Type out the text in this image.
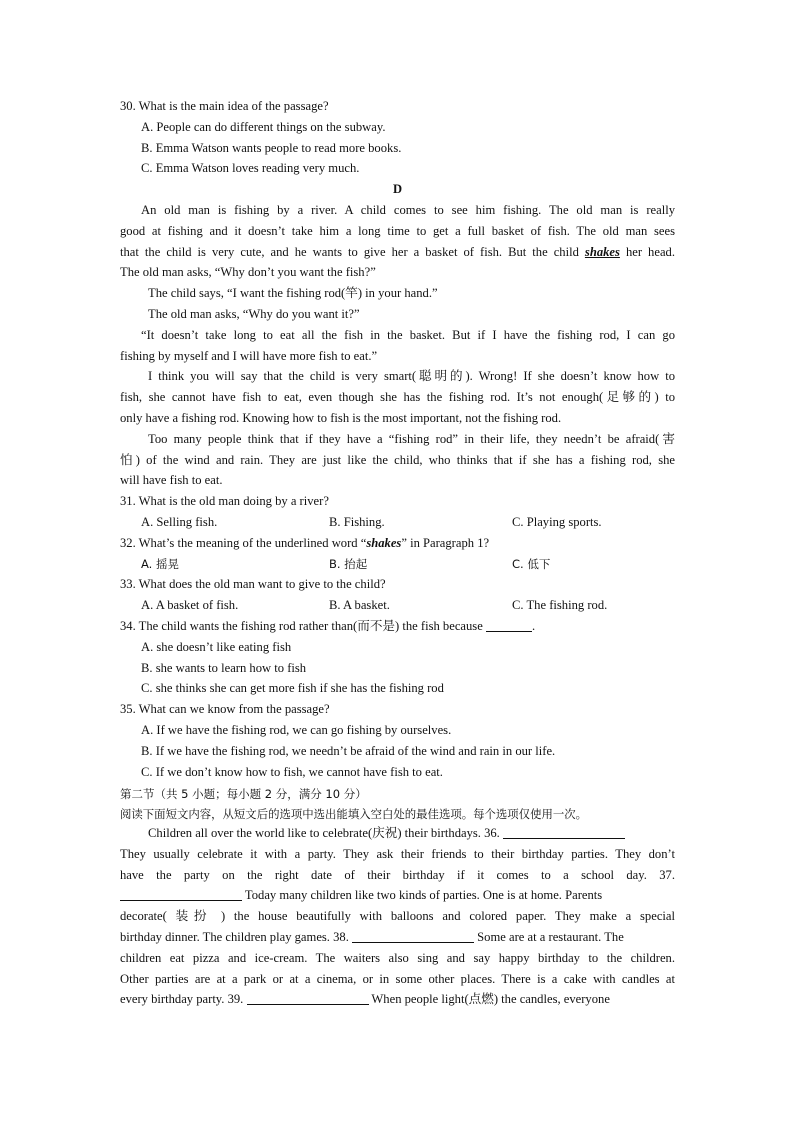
30. What is the main idea of the passage?
A. People can do different things on the subway.
B. Emma Watson wants people to read more books.
C. Emma Watson loves reading very much.
D
An old man is fishing by a river. A child comes to see him fishing. The old man is really
good at fishing and it doesn’t take him a long time to get a full basket of fish. The old man sees
that the child is very cute, and he wants to give her a basket of fish. But the child shakes her head.
The old man asks, “Why don’t you want the fish?”
The child says, “I want the fishing rod(竿) in your hand.”
The old man asks, “Why do you want it?”
“It doesn’t take long to eat all the fish in the basket. But if I have the fishing rod, I can go
fishing by myself and I will have more fish to eat.”
I think you will say that the child is very smart(聪明的). Wrong! If she doesn’t know how to
fish, she cannot have fish to eat, even though she has the fishing rod. It’s not enough(足够的) to
only have a fishing rod. Knowing how to fish is the most important, not the fishing rod.
Too many people think that if they have a “fishing rod” in their life, they needn’t be afraid(害
怕) of the wind and rain. They are just like the child, who thinks that if she has a fishing rod, she
will have fish to eat.
31. What is the old man doing by a river?
A. Selling fish.	B. Fishing.	C. Playing sports.
32. What’s the meaning of the underlined word “shakes” in Paragraph 1?
A. 摇晃	B. 抬起	C. 低下
33. What does the old man want to give to the child?
A. A basket of fish.	B. A basket.	C. The fishing rod.
34. The child wants the fishing rod rather than(而不是) the fish because	.
A. she doesn’t like eating fish
B. she wants to learn how to fish
C. she thinks she can get more fish if she has the fishing rod
35. What can we know from the passage?
A. If we have the fishing rod, we can go fishing by ourselves.
B. If we have the fishing rod, we needn’t be afraid of the wind and rain in our life.
C. If we don’t know how to fish, we cannot have fish to eat.
第二节（共 5 小题；每小题 2 分，满分 10 分）
阅读下面短文内容，从短文后的选项中选出能填入空白处的最佳选项。每个选项仅使用一次。
Children all over the world like to celebrate(庆祝) their birthdays. 36.
They usually celebrate it with a party. They ask their friends to their birthday parties. They don’t
have the party on the right date of their birthday if it comes to a school day. 37.
Today many children like two kinds of parties. One is at home. Parents
decorate( 装扮 ) the house beautifully with balloons and colored paper. They make a special
birthday dinner. The children play games. 38.	Some are at a restaurant. The
children eat pizza and ice-cream. The waiters also sing and say happy birthday to the children.
Other parties are at a park or at a cinema, or in some other places. There is a cake with candles at
every birthday party. 39.	When people light(点燃) the candles, everyone
